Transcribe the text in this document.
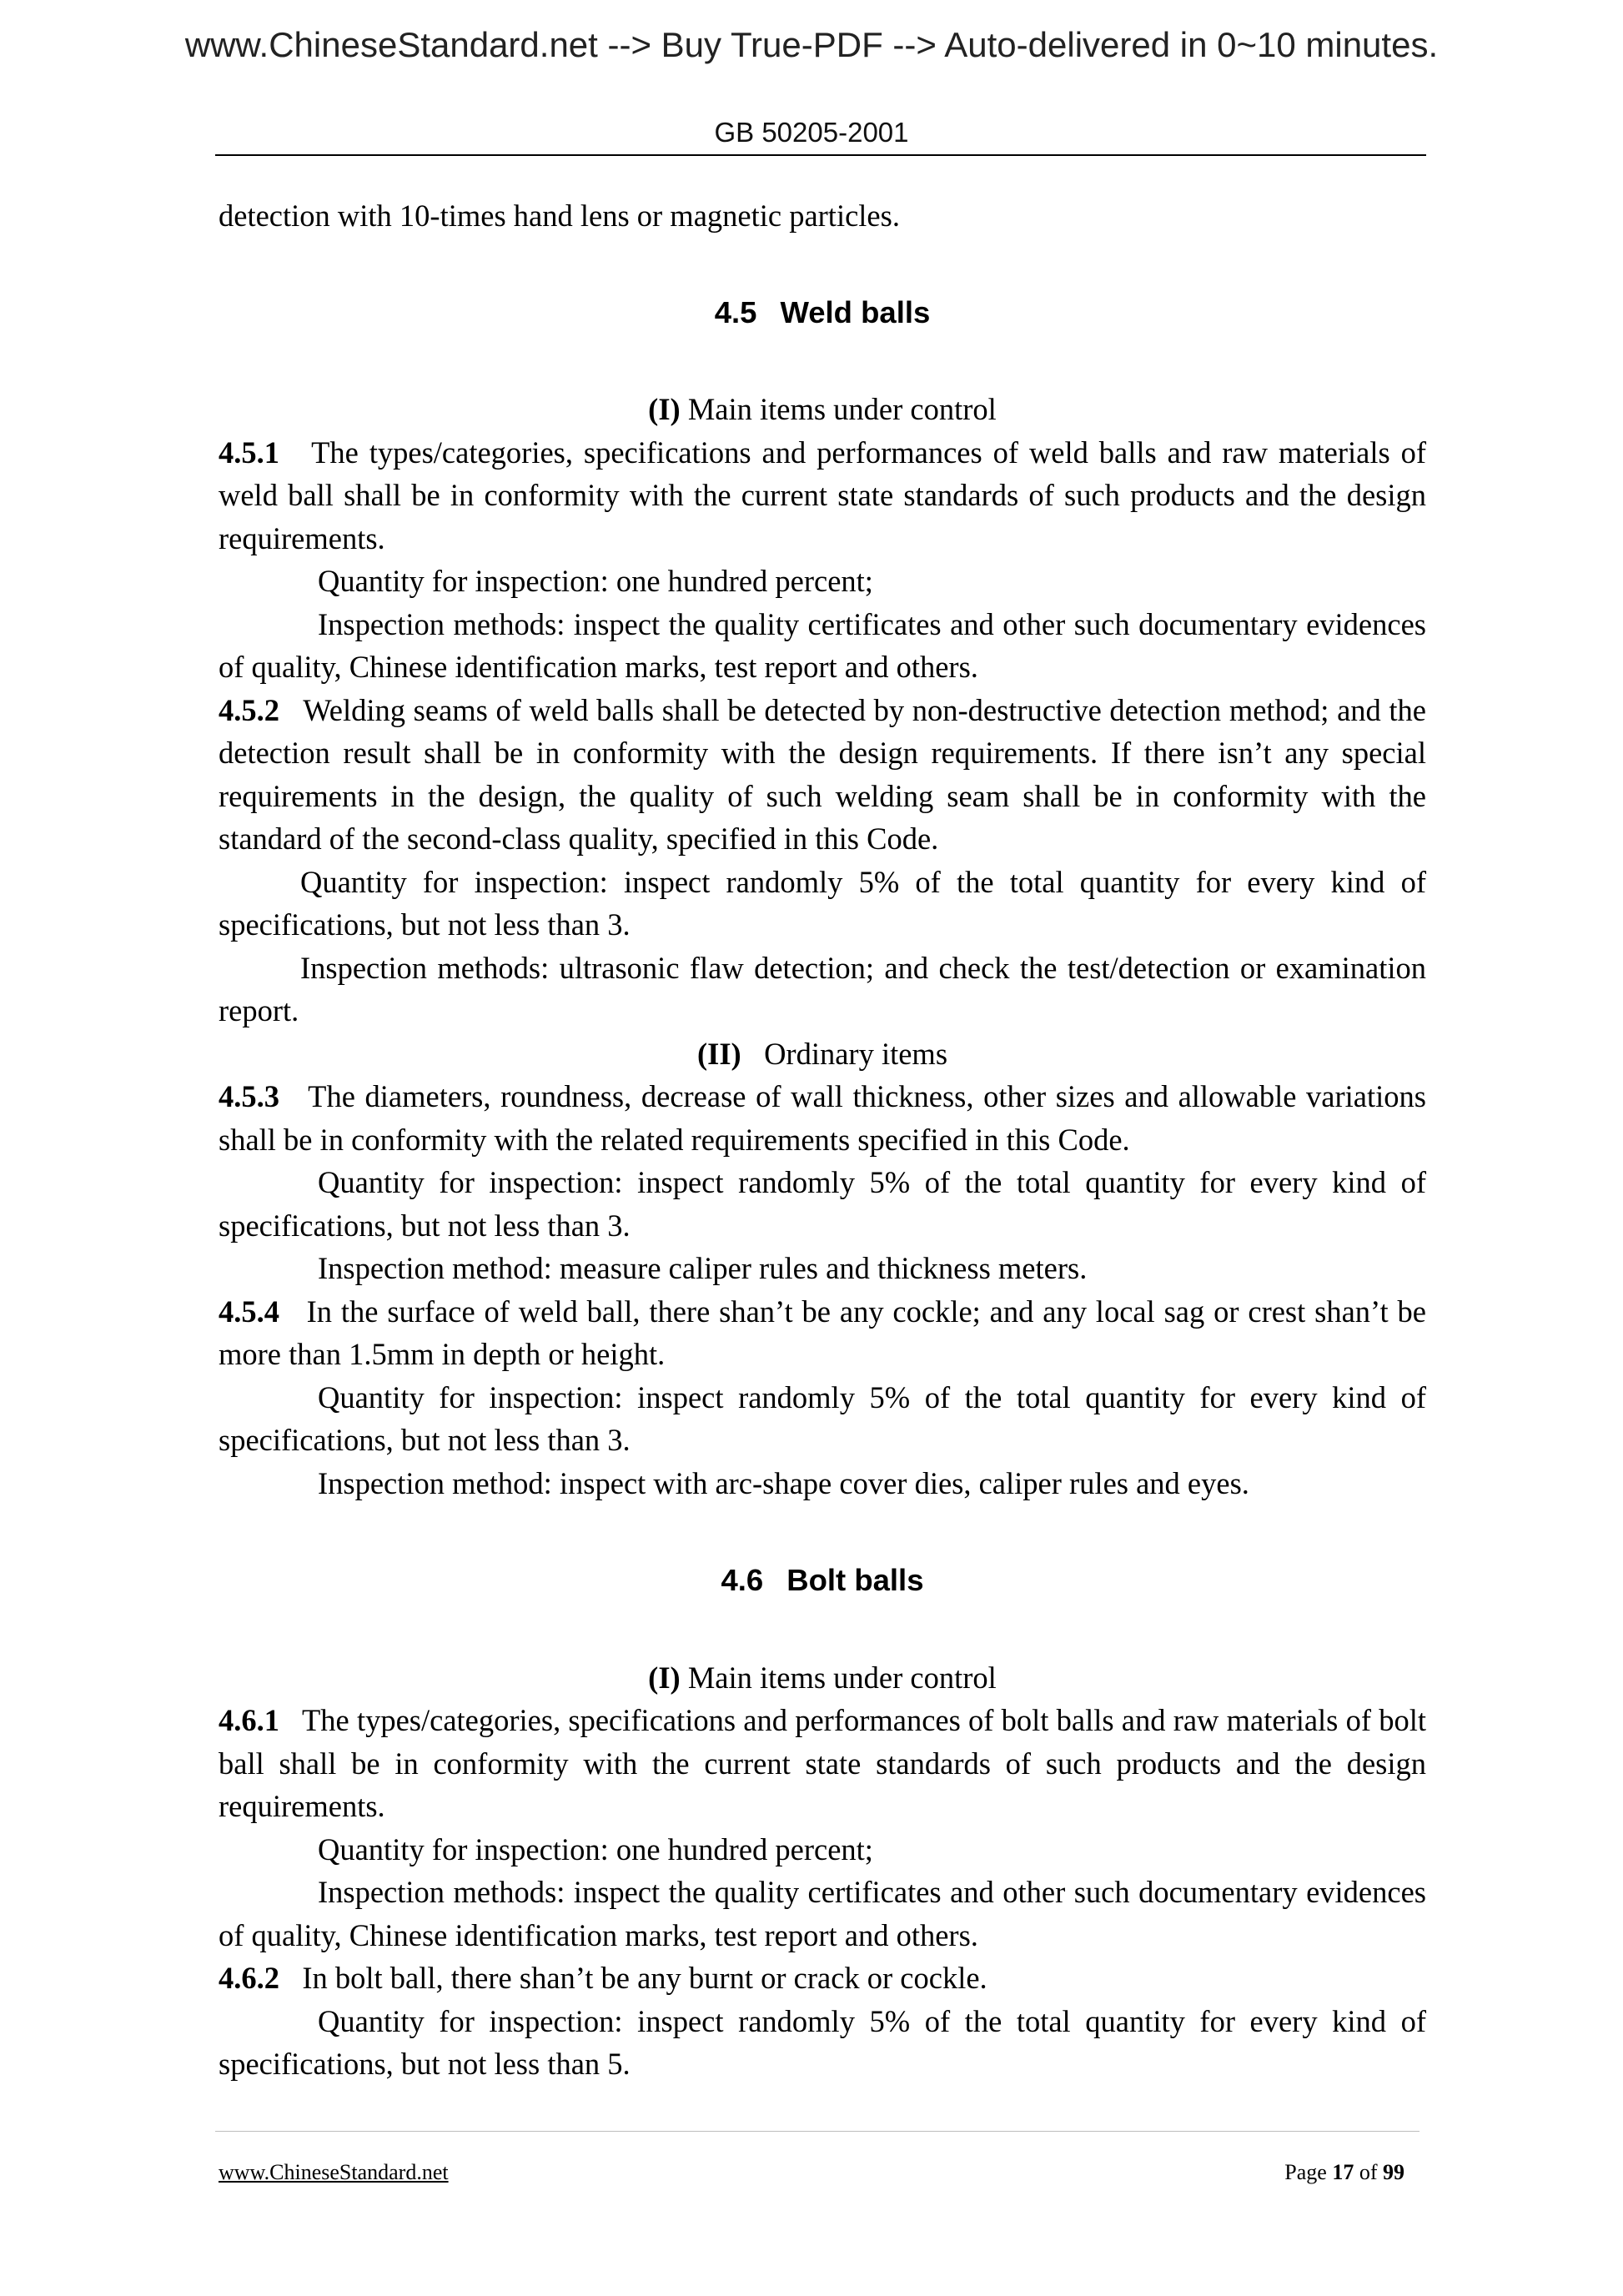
www.ChineseStandard.net --> Buy True-PDF --> Auto-delivered in 0~10 minutes.
GB 50205-2001

detection with 10-times hand lens or magnetic particles.

4.5 Weld balls

(I) Main items under control

4.5.1 The types/categories, specifications and performances of weld balls and raw materials of weld ball shall be in conformity with the current state standards of such products and the design requirements.

Quantity for inspection: one hundred percent;

Inspection methods: inspect the quality certificates and other such documentary evidences of quality, Chinese identification marks, test report and others.

4.5.2 Welding seams of weld balls shall be detected by non-destructive detection method; and the detection result shall be in conformity with the design requirements. If there isn’t any special requirements in the design, the quality of such welding seam shall be in conformity with the standard of the second-class quality, specified in this Code.

Quantity for inspection: inspect randomly 5% of the total quantity for every kind of specifications, but not less than 3.

Inspection methods: ultrasonic flaw detection; and check the test/detection or examination report.

(II) Ordinary items

4.5.3 The diameters, roundness, decrease of wall thickness, other sizes and allowable variations shall be in conformity with the related requirements specified in this Code.

Quantity for inspection: inspect randomly 5% of the total quantity for every kind of specifications, but not less than 3.

Inspection method: measure caliper rules and thickness meters.

4.5.4 In the surface of weld ball, there shan’t be any cockle; and any local sag or crest shan’t be more than 1.5mm in depth or height.

Quantity for inspection: inspect randomly 5% of the total quantity for every kind of specifications, but not less than 3.

Inspection method: inspect with arc-shape cover dies, caliper rules and eyes.

4.6 Bolt balls

(I) Main items under control

4.6.1 The types/categories, specifications and performances of bolt balls and raw materials of bolt ball shall be in conformity with the current state standards of such products and the design requirements.

Quantity for inspection: one hundred percent;

Inspection methods: inspect the quality certificates and other such documentary evidences of quality, Chinese identification marks, test report and others.

4.6.2 In bolt ball, there shan’t be any burnt or crack or cockle.

Quantity for inspection: inspect randomly 5% of the total quantity for every kind of specifications, but not less than 5.

www.ChineseStandard.net	Page 17 of 99
